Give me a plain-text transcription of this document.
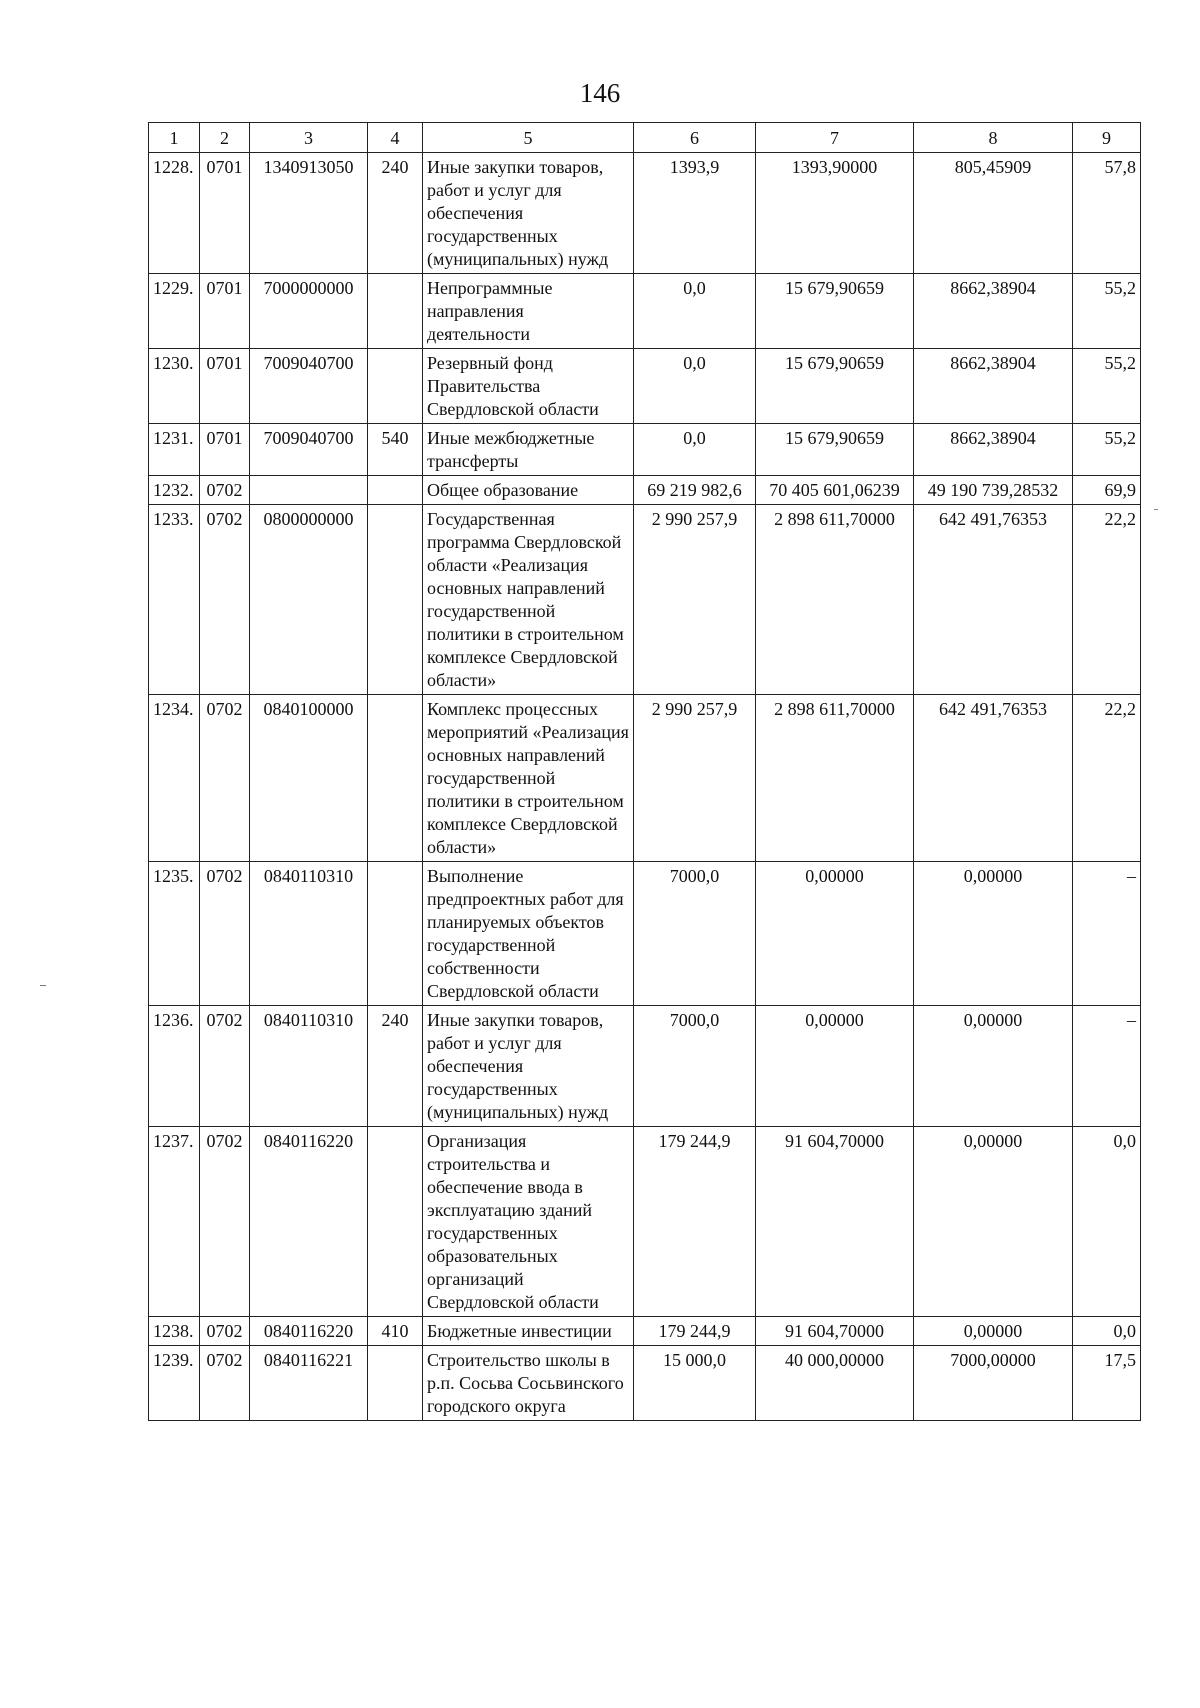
146
1	2	3	4	5	6	7	8	9
1228.	0701	1340913050	240	Иные закупки товаров, работ и услуг для обеспечения государственных (муниципальных) нужд	1393,9	1393,90000	805,45909	57,8
1229.	0701	7000000000		Непрограммные направления деятельности	0,0	15 679,90659	8662,38904	55,2
1230.	0701	7009040700		Резервный фонд Правительства Свердловской области	0,0	15 679,90659	8662,38904	55,2
1231.	0701	7009040700	540	Иные межбюджетные трансферты	0,0	15 679,90659	8662,38904	55,2
1232.	0702			Общее образование	69 219 982,6	70 405 601,06239	49 190 739,28532	69,9
1233.	0702	0800000000		Государственная программа Свердловской области «Реализация основных направлений государственной политики в строительном комплексе Свердловской области»	2 990 257,9	2 898 611,70000	642 491,76353	22,2
1234.	0702	0840100000		Комплекс процессных мероприятий «Реализация основных направлений государственной политики в строительном комплексе Свердловской области»	2 990 257,9	2 898 611,70000	642 491,76353	22,2
1235.	0702	0840110310		Выполнение предпроектных работ для планируемых объектов государственной собственности Свердловской области	7000,0	0,00000	0,00000	–
1236.	0702	0840110310	240	Иные закупки товаров, работ и услуг для обеспечения государственных (муниципальных) нужд	7000,0	0,00000	0,00000	–
1237.	0702	0840116220		Организация строительства и обеспечение ввода в эксплуатацию зданий государственных образовательных организаций Свердловской области	179 244,9	91 604,70000	0,00000	0,0
1238.	0702	0840116220	410	Бюджетные инвестиции	179 244,9	91 604,70000	0,00000	0,0
1239.	0702	0840116221		Строительство школы в р.п. Сосьва Сосьвинского городского округа	15 000,0	40 000,00000	7000,00000	17,5
